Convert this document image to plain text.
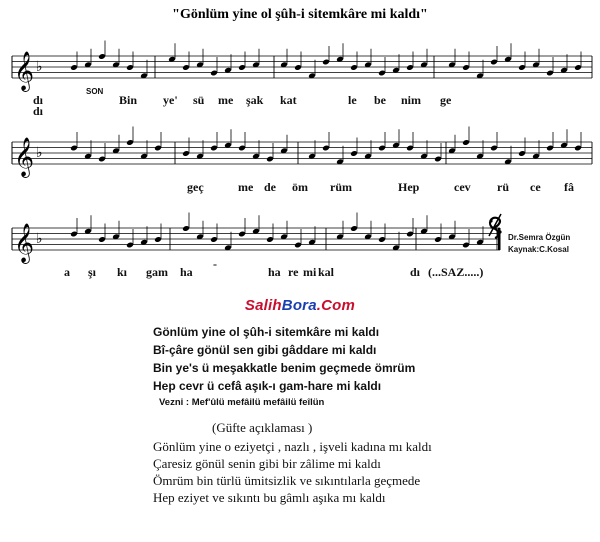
"Gönlüm yine ol şûh-i sitemkâre mi kaldı"
𝄞 ♭
𝄞 ♭
𝄞 ♭
SON
dı
dı
Bin ye' sü me şak kat	le be nim ge
geç	me de öm rüm	Hep	cev rü ce fâ
a şı kı gam ha
-
ha re mi kal	dı (...SAZ.....)
Dr.Semra Özgün
Kaynak:C.Kosal
SalihBora.Com
Gönlüm yine ol şûh-i sitemkâre mi kaldı
Bî-çâre gönül sen gibi gâddare mi kaldı
Bin ye's ü meşakkatle benim geçmede ömrüm
Hep cevr ü cefâ aşık-ı gam-hare mi kaldı
Vezni : Mef'ûlü mefâilü mefâilü feîlün
(Güfte açıklaması )
Gönlüm yine o eziyetçi , nazlı , işveli kadına mı kaldı
Çaresiz gönül senin gibi bir zâlime mi kaldı
Ömrüm bin türlü ümitsizlik ve sıkıntılarla geçmede
Hep eziyet ve sıkıntı bu gâmlı aşıka mı kaldı
